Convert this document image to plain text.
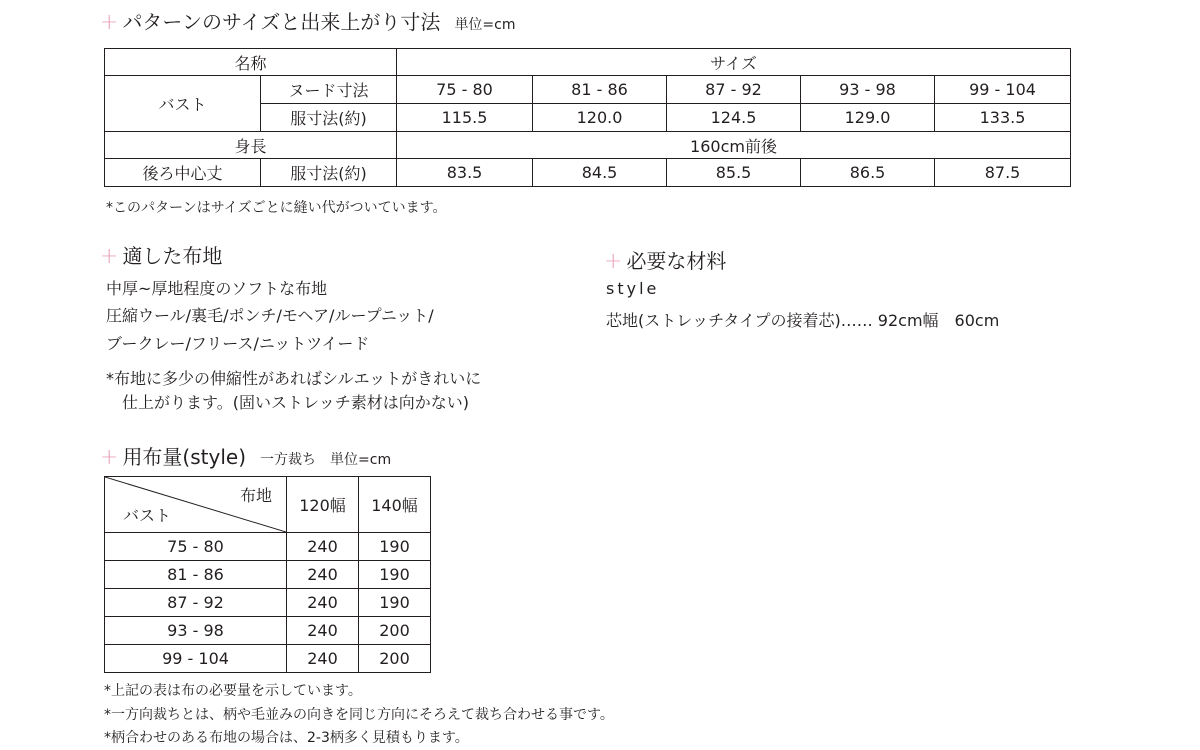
+ パターンのサイズと出来上がり寸法 単位=cm
名称		サイズ				
バスト	ヌード寸法	75 - 80	81 - 86	87 - 92	93 - 98	99 - 104
	服寸法(約)	115.5	120.0	124.5	129.0	133.5
身長		160cm前後				
後ろ中心丈	服寸法(約)	83.5	84.5	85.5	86.5	87.5
*このパターンはサイズごとに縫い代がついています。
+ 適した布地
中厚~厚地程度のソフトな布地
圧縮ウール/裏毛/ポンチ/モヘア/ループニット/
ブークレー/フリース/ニットツイード
*布地に多少の伸縮性があればシルエットがきれいに
仕上がります。(固いストレッチ素材は向かない)
+ 必要な材料
style
芯地(ストレッチタイプの接着芯)…… 92cm幅　60cm
+ 用布量(style) 一方裁ち　単位=cm
布地
バスト	120幅	140幅
75 - 80	240	190
81 - 86	240	190
87 - 92	240	190
93 - 98	240	200
99 - 104	240	200
*上記の表は布の必要量を示しています。
*一方向裁ちとは、柄や毛並みの向きを同じ方向にそろえて裁ち合わせる事です。
*柄合わせのある布地の場合は、2-3柄多く見積もります。
